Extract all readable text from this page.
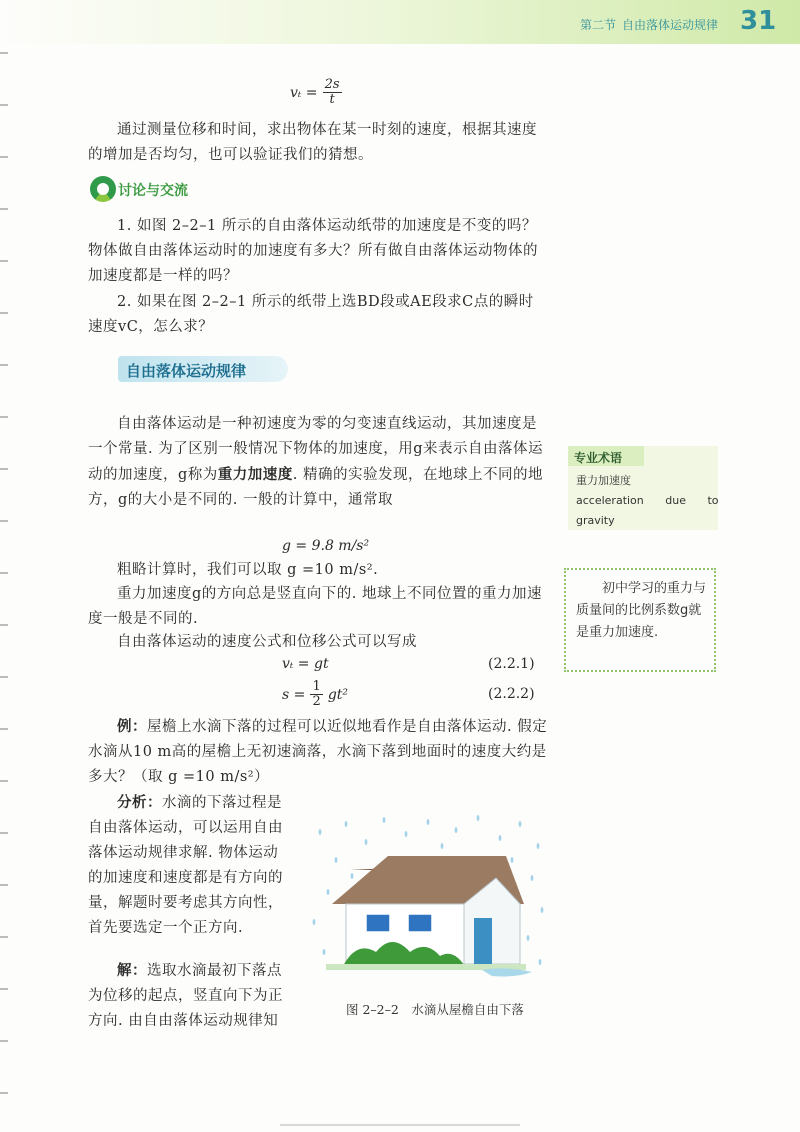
第二节 自由落体运动规律 31
$v_t = \frac{2s}{t}$

通过测量位移和时间，求出物体在某一时刻的速度，根据其速度的增加是否均匀，也可以验证我们的猜想。

讨论与交流

1. 如图 2–2–1 所示的自由落体运动纸带的加速度是不变的吗？物体做自由落体运动时的加速度有多大？所有做自由落体运动物体的加速度都是一样的吗？

2. 如果在图 2–2–1 所示的纸带上选BD段或AE段求C点的瞬时速度vC，怎么求？

自由落体运动规律

自由落体运动是一种初速度为零的匀变速直线运动，其加速度是一个常量. 为了区别一般情况下物体的加速度，用g来表示自由落体运动的加速度，g称为重力加速度. 精确的实验发现，在地球上不同的地方，g的大小是不同的. 一般的计算中，通常取

g = 9.8 m/s²

粗略计算时，我们可以取 g =10 m/s².

重力加速度g的方向总是竖直向下的. 地球上不同位置的重力加速度一般是不同的.

自由落体运动的速度公式和位移公式可以写成

vₜ = gt	(2.2.1)
$s = \frac{1}{2} gt^2$	(2.2.2)

例：屋檐上水滴下落的过程可以近似地看作是自由落体运动. 假定水滴从10 m高的屋檐上无初速滴落，水滴下落到地面时的速度大约是多大？（取 g =10 m/s²）

分析：水滴的下落过程是自由落体运动，可以运用自由落体运动规律求解. 物体运动的加速度和速度都是有方向的量，解题时要考虑其方向性，首先要选定一个正方向.

解：选取水滴最初下落点为位移的起点，竖直向下为正方向. 由自由落体运动规律知

专业术语
重力加速度
acceleration due to
gravity

初中学习的重力与质量间的比例系数g就是重力加速度.

图 2–2–2　水滴从屋檐自由下落
